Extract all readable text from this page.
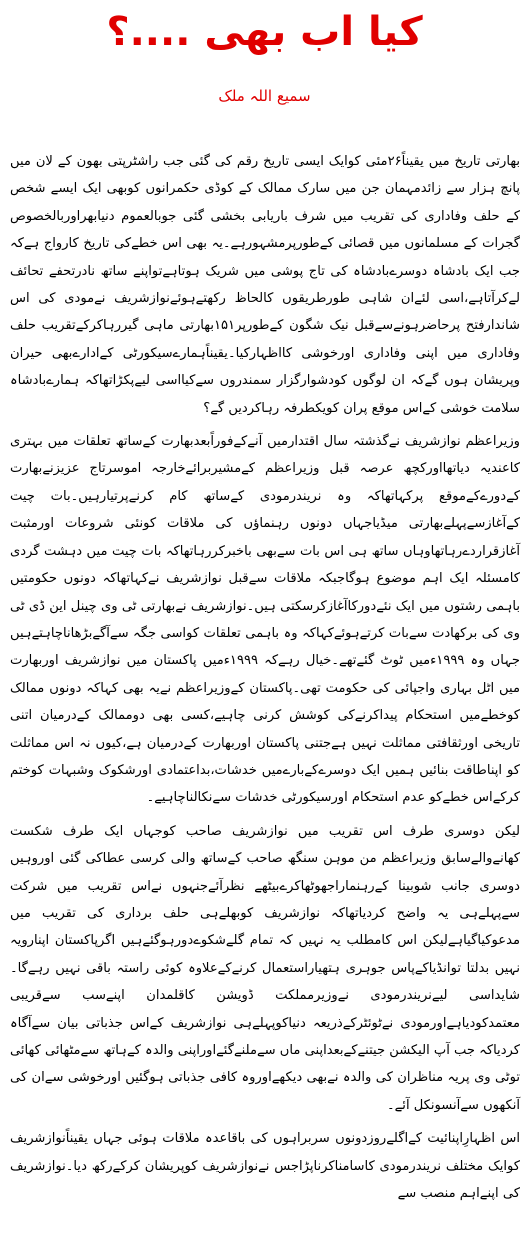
کیا اب بھی ....؟
سمیع اللہ ملک

بھارتی تاریخ میں یقیناً۲۶مئی کوایک ایسی تاریخ رقم کی گئی جب راشٹرپتی بھون کے لان میں پانچ ہزار سے زائدمہمان جن میں سارک ممالک کے کوڈی حکمرانوں کوبھی ایک ایسے شخص کے حلف وفاداری کی تقریب میں شرف باریابی بخشی گئی جوبالعموم دنیابھراوربالخصوص گجرات کے مسلمانوں میں قصائی کےطورپرمشہورہے۔یہ بھی اس خطےکی تاریخ کارواج ہےکہ جب ایک بادشاہ دوسرےبادشاہ کی تاج پوشی میں شریک ہوتاہےتواپنے ساتھ نادرتحفے تحائف لےکرآتاہے،اسی لئےان شاہی طورطریقوں کالحاظ رکھتےہوئےنوازشریف نےمودی کی اس شاندارفتح پرحاضرہونےسےقبل نیک شگون کےطورپر۱۵۱بھارتی ماہی گیررہاکرکےتقریب حلف وفاداری میں اپنی وفاداری اورخوشی کااظہارکیا۔یقیناًہمارےسیکورٹی کےادارےبھی حیران وپریشان ہوں گےکہ ان لوگوں کودشوارگزار سمندروں سےکیااسی لیےپکڑاتھاکہ ہمارےبادشاہ سلامت خوشی کےاس موقع پران کویکطرفہ رہاکردیں گے؟

وزیراعظم نوازشریف نےگذشتہ سال اقتدارمیں آنےکےفوراًبعدبھارت کےساتھ تعلقات میں بہتری کاعندیہ دیاتھااورکچھ عرصہ قبل وزیراعظم کےمشیربرائےخارجہ اموسرتاج عزیزنےبھارت کےدورےکےموقع پرکہاتھاکہ وہ نریندرمودی کےساتھ کام کرنےپرتیارہیں۔بات چیت کےآغازسےپہلےبھارتی میڈیاجہاں دونوں رہنماؤں کی ملاقات کونئی شروعات اورمثبت آغازقراردےرہاتھاوہاں ساتھ ہی اس بات سےبھی باخبرکررہاتھاکہ بات چیت میں دہشت گردی کامسئلہ ایک اہم موضوع ہوگاجبکہ ملاقات سےقبل نوازشریف نےکہاتھاکہ دونوں حکومتیں باہمی رشتوں میں ایک نئےدورکاآغازکرسکتی ہیں۔نوازشریف نےبھارتی ٹی وی چینل این ڈی ٹی وی کی برکھادت سےبات کرتےہوئےکہاکہ وہ باہمی تعلقات کواسی جگہ سےآگےبڑھاناچاہتےہیں جہاں وہ ۱۹۹۹ءمیں ٹوٹ گئےتھے۔خیال رہےکہ ۱۹۹۹ءمیں پاکستان میں نوازشریف اوربھارت میں اٹل بہاری واجپائی کی حکومت تھی۔پاکستان کےوزیراعظم نےیہ بھی کہاکہ دونوں ممالک کوخطےمیں استحکام پیداکرنےکی کوشش کرنی چاہیے،کسی بھی دوممالک کےدرمیان اتنی تاریخی اورثقافتی مماثلت نہیں ہےجتنی پاکستان اوربھارت کےدرمیان ہے،کیوں نہ اس مماثلت کو اپناطاقت بنائیں ہمیں ایک دوسرےکےبارےمیں خدشات،بداعتمادی اورشکوک وشبہات کوختم کرکےاس خطےکو عدم استحکام اورسیکورٹی خدشات سےنکالناچاہیے۔

لیکن دوسری طرف اس تقریب میں نوازشریف صاحب کوجہاں ایک طرف شکست کھانےوالےسابق وزیراعظم من موہن سنگھ صاحب کےساتھ والی کرسی عطاکی گئی اوروہیں دوسری جانب شوبینا کےرہنماراجھوٹھاکرےبیٹھے نظرآئےجنہوں نےاس تقریب میں شرکت سےپہلےہی یہ واضح کردیاتھاکہ نوازشریف کوبھلےہی حلف برداری کی تقریب میں مدعوکیاگیاہےلیکن اس کامطلب یہ نہیں کہ تمام گلےشکوےدورہوگئےہیں اگرپاکستان اپنارویہ نہیں بدلتا توانڈیاکےپاس جوہری ہتھیاراستعمال کرنےکےعلاوہ کوئی راستہ باقی نہیں رہےگا۔شایداسی لیےنریندرمودی نےوزیرمملکت ڈویشن کاقلمدان اپنےسب سےقریبی معتمدکودیاہےاورمودی نےٹوئٹرکےذریعہ دنیاکوپہلےہی نوازشریف کےاس جذباتی بیان سےآگاہ کردیاکہ جب آپ الیکشن جیتنےکےبعداپنی ماں سےملنےگئےاوراپنی والدہ کےہاتھ سےمٹھائی کھائی توٹی وی پریہ مناظران کی والدہ نےبھی دیکھےاوروہ کافی جذباتی ہوگئیں اورخوشی سےان کی آنکھوں سےآنسونکل آئے۔

اس اظہارِاپنائیت کےاگلےروزدونوں سربراہوں کی باقاعدہ ملاقات ہوئی جہاں یقیناًنوازشریف کوایک مختلف نریندرمودی کاسامناکرناپڑاجس نےنوازشریف کوپریشان کرکےرکھ دیا۔نوازشریف کی اپنےاہم منصب سے
